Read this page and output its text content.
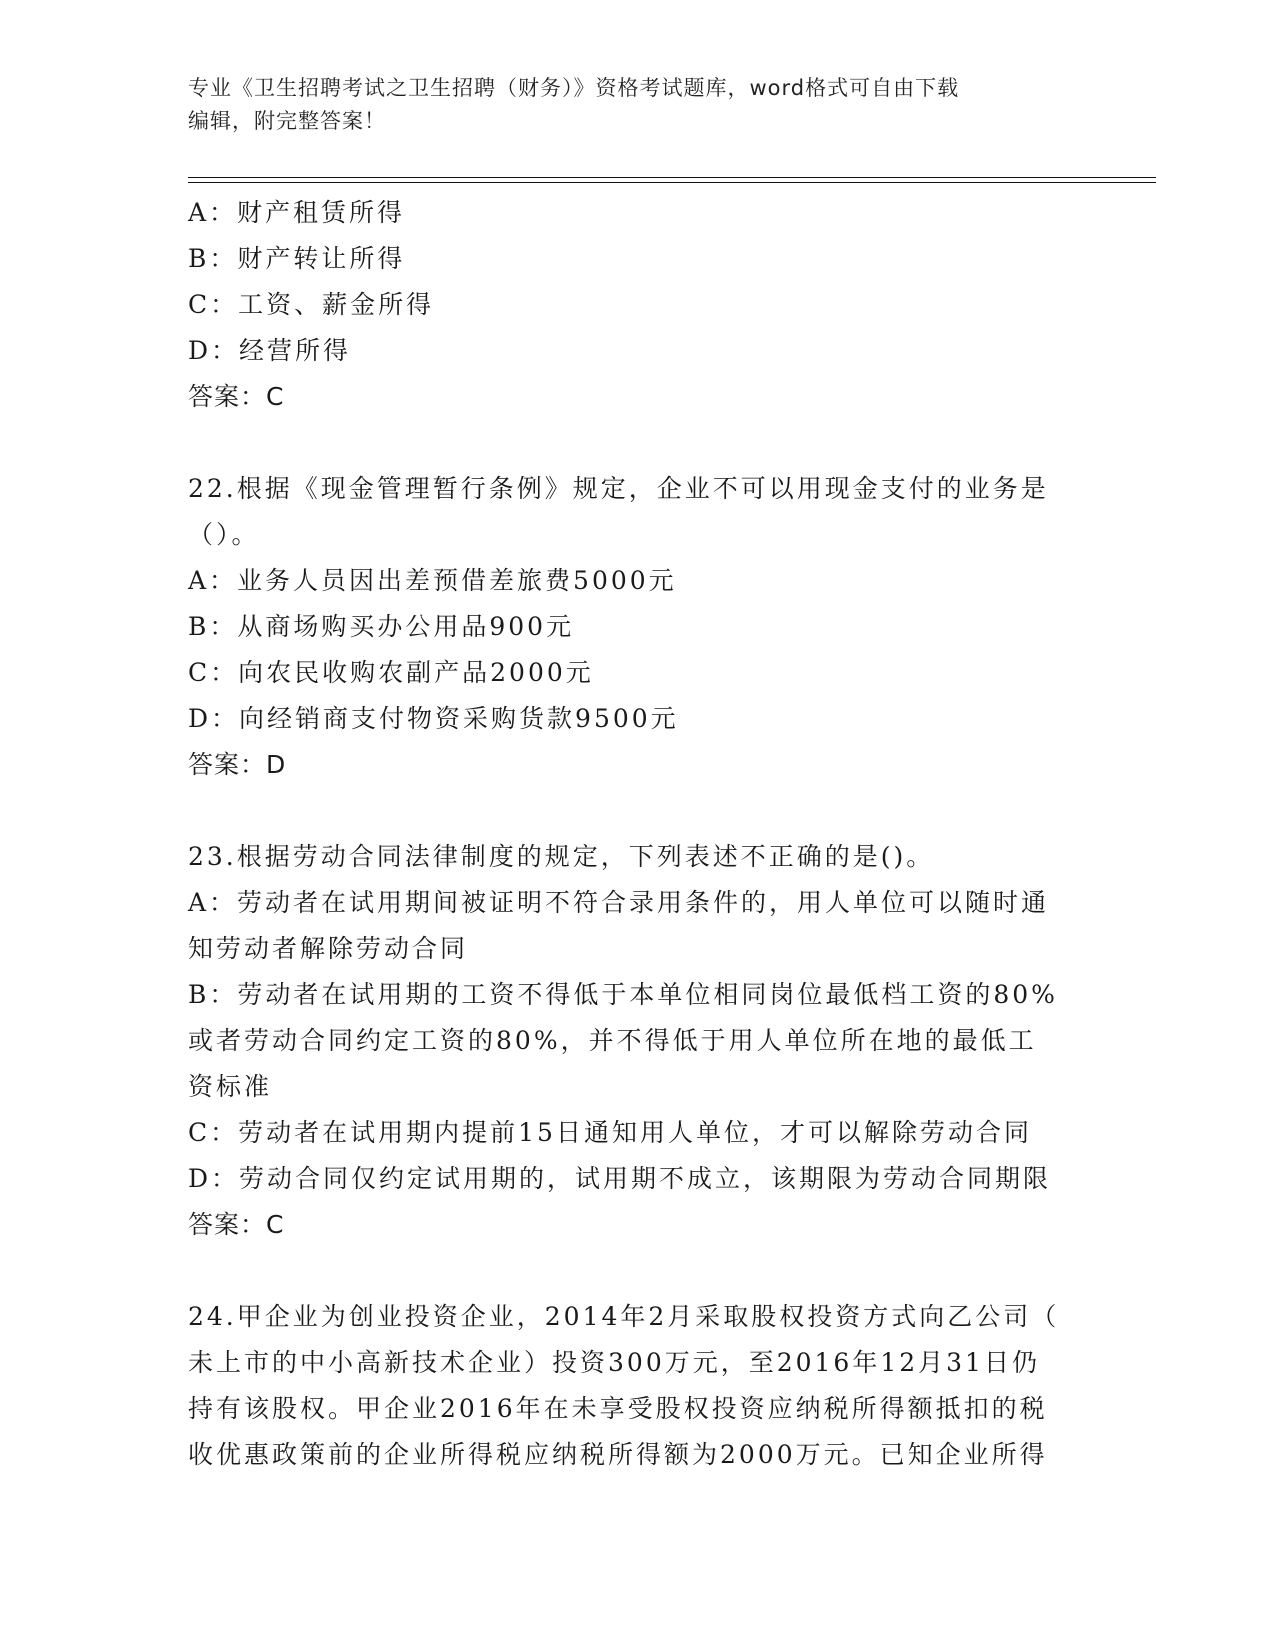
专业《卫生招聘考试之卫生招聘（财务）》资格考试题库，word格式可自由下载
编辑，附完整答案！
A：财产租赁所得
B：财产转让所得
C：工资、薪金所得
D：经营所得
答案：C
22.根据《现金管理暂行条例》规定，企业不可以用现金支付的业务是
（）。
A：业务人员因出差预借差旅费5000元
B：从商场购买办公用品900元
C：向农民收购农副产品2000元
D：向经销商支付物资采购货款9500元
答案：D
23.根据劳动合同法律制度的规定，下列表述不正确的是()。
A：劳动者在试用期间被证明不符合录用条件的，用人单位可以随时通
知劳动者解除劳动合同
B：劳动者在试用期的工资不得低于本单位相同岗位最低档工资的80%
或者劳动合同约定工资的80%，并不得低于用人单位所在地的最低工
资标准
C：劳动者在试用期内提前15日通知用人单位，才可以解除劳动合同
D：劳动合同仅约定试用期的，试用期不成立，该期限为劳动合同期限
答案：C
24.甲企业为创业投资企业，2014年2月采取股权投资方式向乙公司（
未上市的中小高新技术企业）投资300万元，至2016年12月31日仍
持有该股权。甲企业2016年在未享受股权投资应纳税所得额抵扣的税
收优惠政策前的企业所得税应纳税所得额为2000万元。已知企业所得
